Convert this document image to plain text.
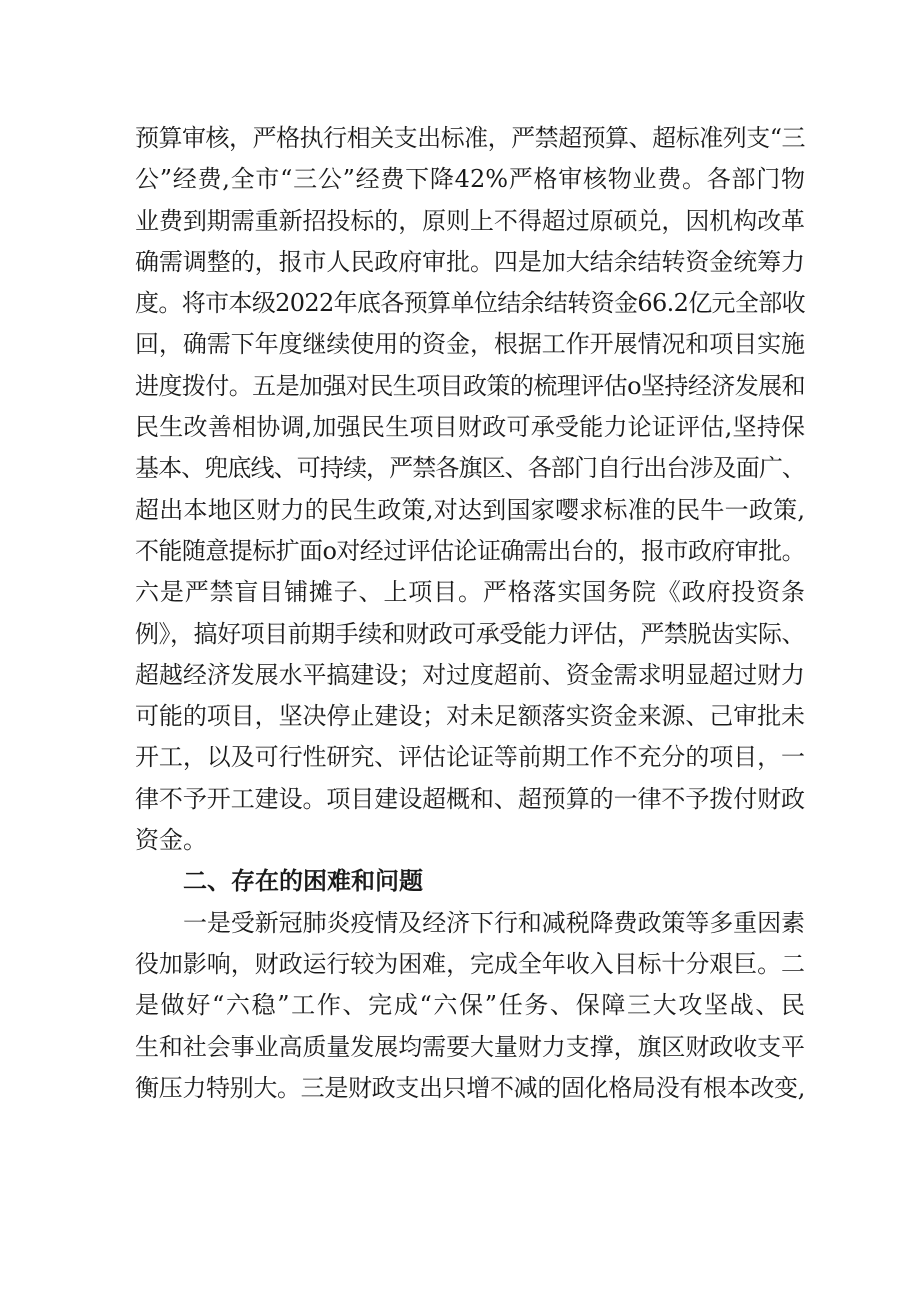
预算审核，严格执行相关支出标准，严禁超预算、超标准列支“三
公”经费,全市“三公”经费下降42%严格审核物业费。各部门物
业费到期需重新招投标的，原则上不得超过原硕兑，因机构改革
确需调整的，报市人民政府审批。四是加大结余结转资金统筹力
度。将市本级2022年底各预算单位结余结转资金66.2亿元全部收
回，确需下年度继续使用的资金，根据工作开展情况和项目实施
进度拨付。五是加强对民生项目政策的梳理评估o坚持经济发展和
民生改善相协调,加强民生项目财政可承受能力论证评估,坚持保
基本、兜底线、可持续，严禁各旗区、各部门自行出台涉及面广、
超出本地区财力的民生政策,对达到国家嘤求标准的民牛一政策,
不能随意提标扩面o对经过评估论证确需出台的，报市政府审批。
六是严禁盲目铺摊子、上项目。严格落实国务院《政府投资条
例》，搞好项目前期手续和财政可承受能力评估，严禁脱齿实际、
超越经济发展水平搞建设；对过度超前、资金需求明显超过财力
可能的项目，坚决停止建设；对未足额落实资金来源、己审批未
开工，以及可行性研究、评估论证等前期工作不充分的项目，一
律不予开工建设。项目建设超概和、超预算的一律不予拨付财政
资金。
二、存在的困难和问题
一是受新冠肺炎疫情及经济下行和减税降费政策等多重因素
役加影响，财政运行较为困难，完成全年收入目标十分艰巨。二
是做好“六稳”工作、完成“六保”任务、保障三大攻坚战、民
生和社会事业高质量发展均需要大量财力支撑，旗区财政收支平
衡压力特别大。三是财政支出只增不减的固化格局没有根本改变,
